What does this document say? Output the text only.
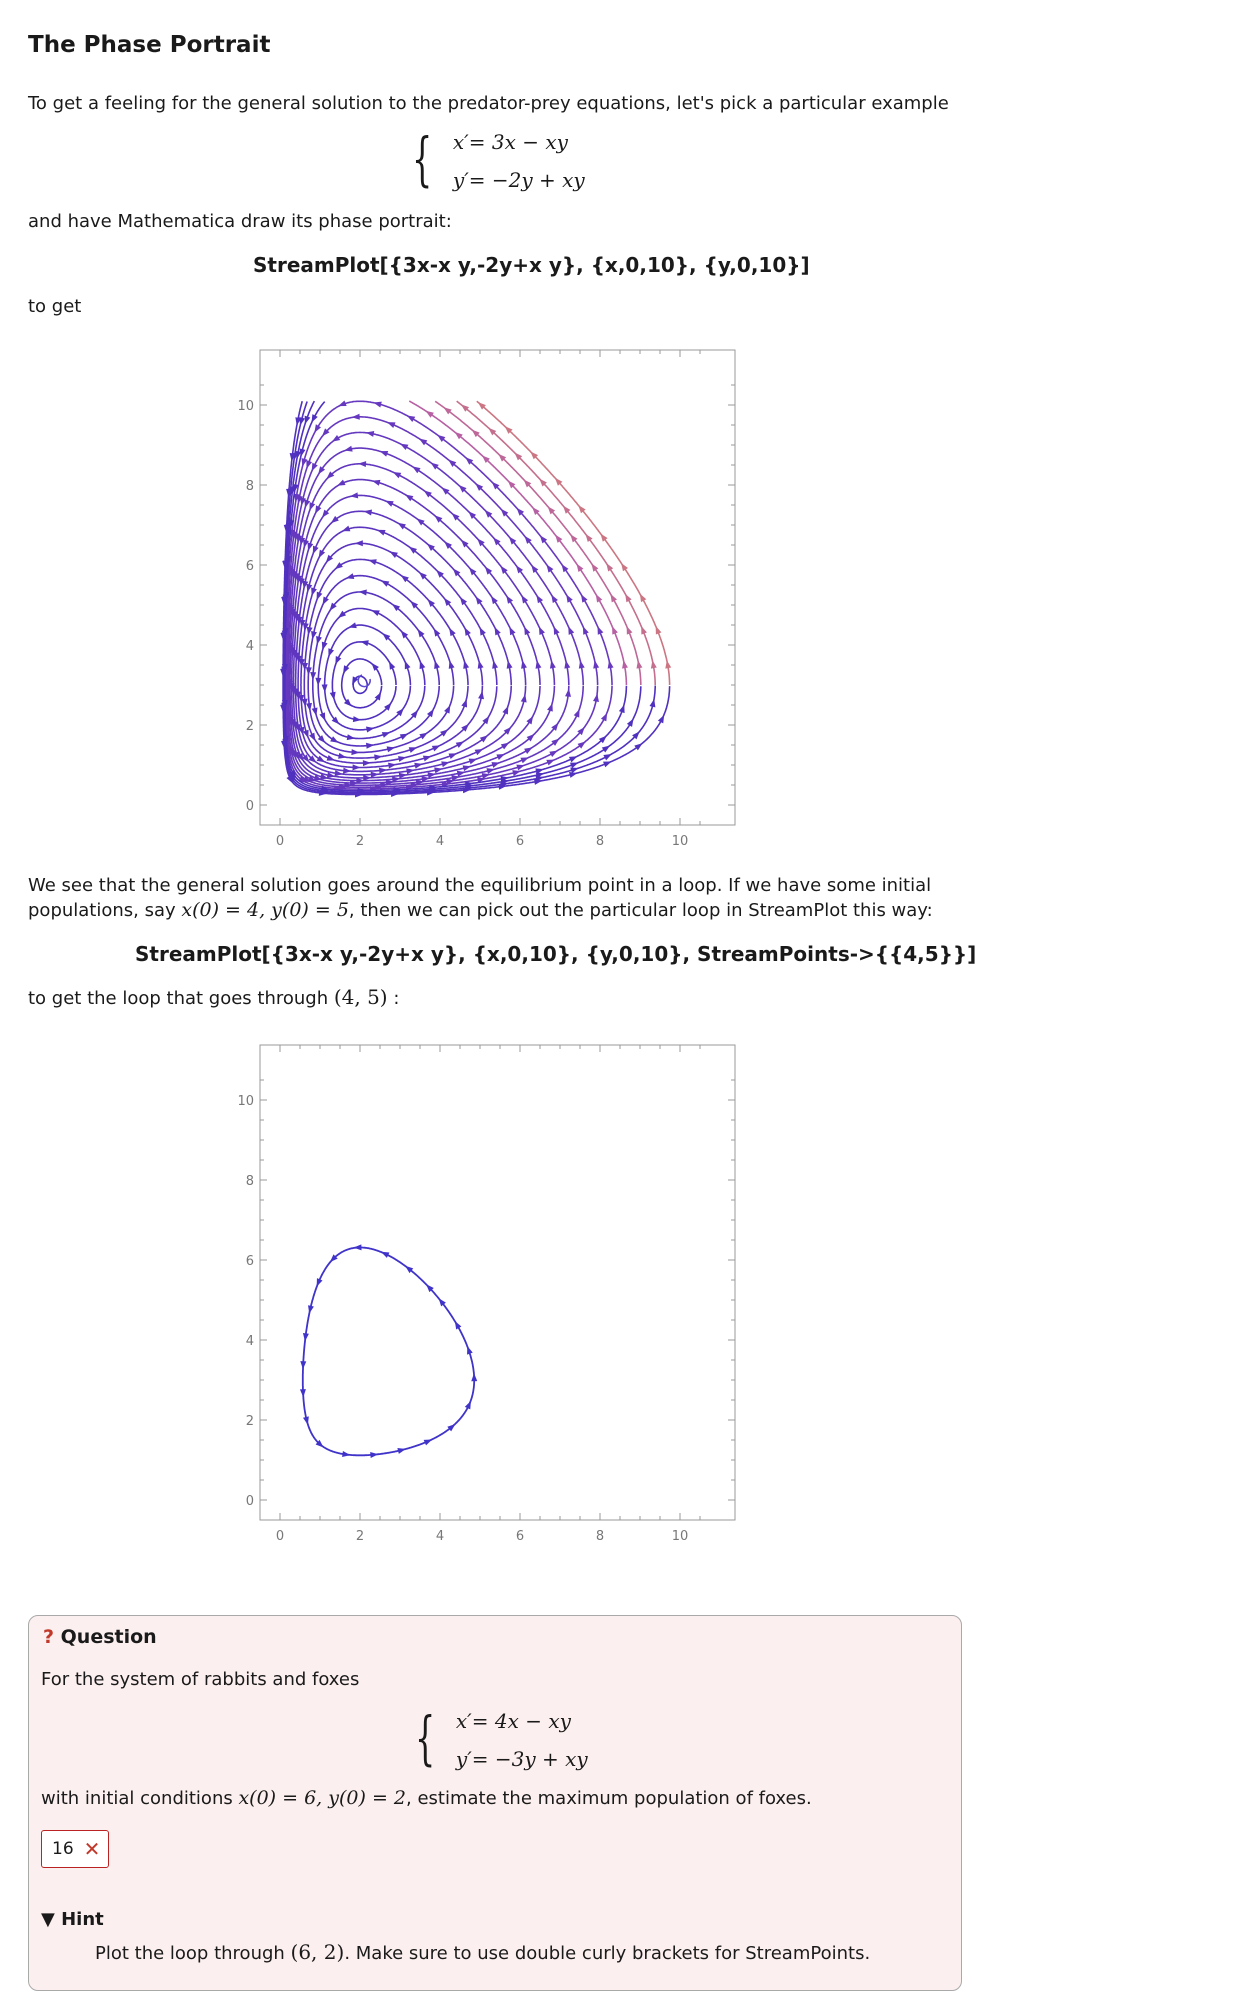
The Phase Portrait
To get a feeling for the general solution to the predator-prey equations, let's pick a particular example
{ x′= 3x − xy
y′= −2y + xy
and have Mathematica draw its phase portrait:
StreamPlot[{3x-x y,-2y+x y}, {x,0,10}, {y,0,10}]
to get
0	2	4	6	8	10
0
2
4
6
8
10
We see that the general solution goes around the equilibrium point in a loop. If we have some initial
populations, say x(0) = 4, y(0) = 5, then we can pick out the particular loop in StreamPlot this way:
StreamPlot[{3x-x y,-2y+x y}, {x,0,10}, {y,0,10}, StreamPoints->{{4,5}}]
to get the loop that goes through (4, 5) :
0	2	4	6	8	10
0
2
4
6
8
10
? Question
For the system of rabbits and foxes
{ x′= 4x − xy
y′= −3y + xy
with initial conditions x(0) = 6, y(0) = 2, estimate the maximum population of foxes.
16 ✕
▼ Hint
Plot the loop through (6, 2). Make sure to use double curly brackets for StreamPoints.
